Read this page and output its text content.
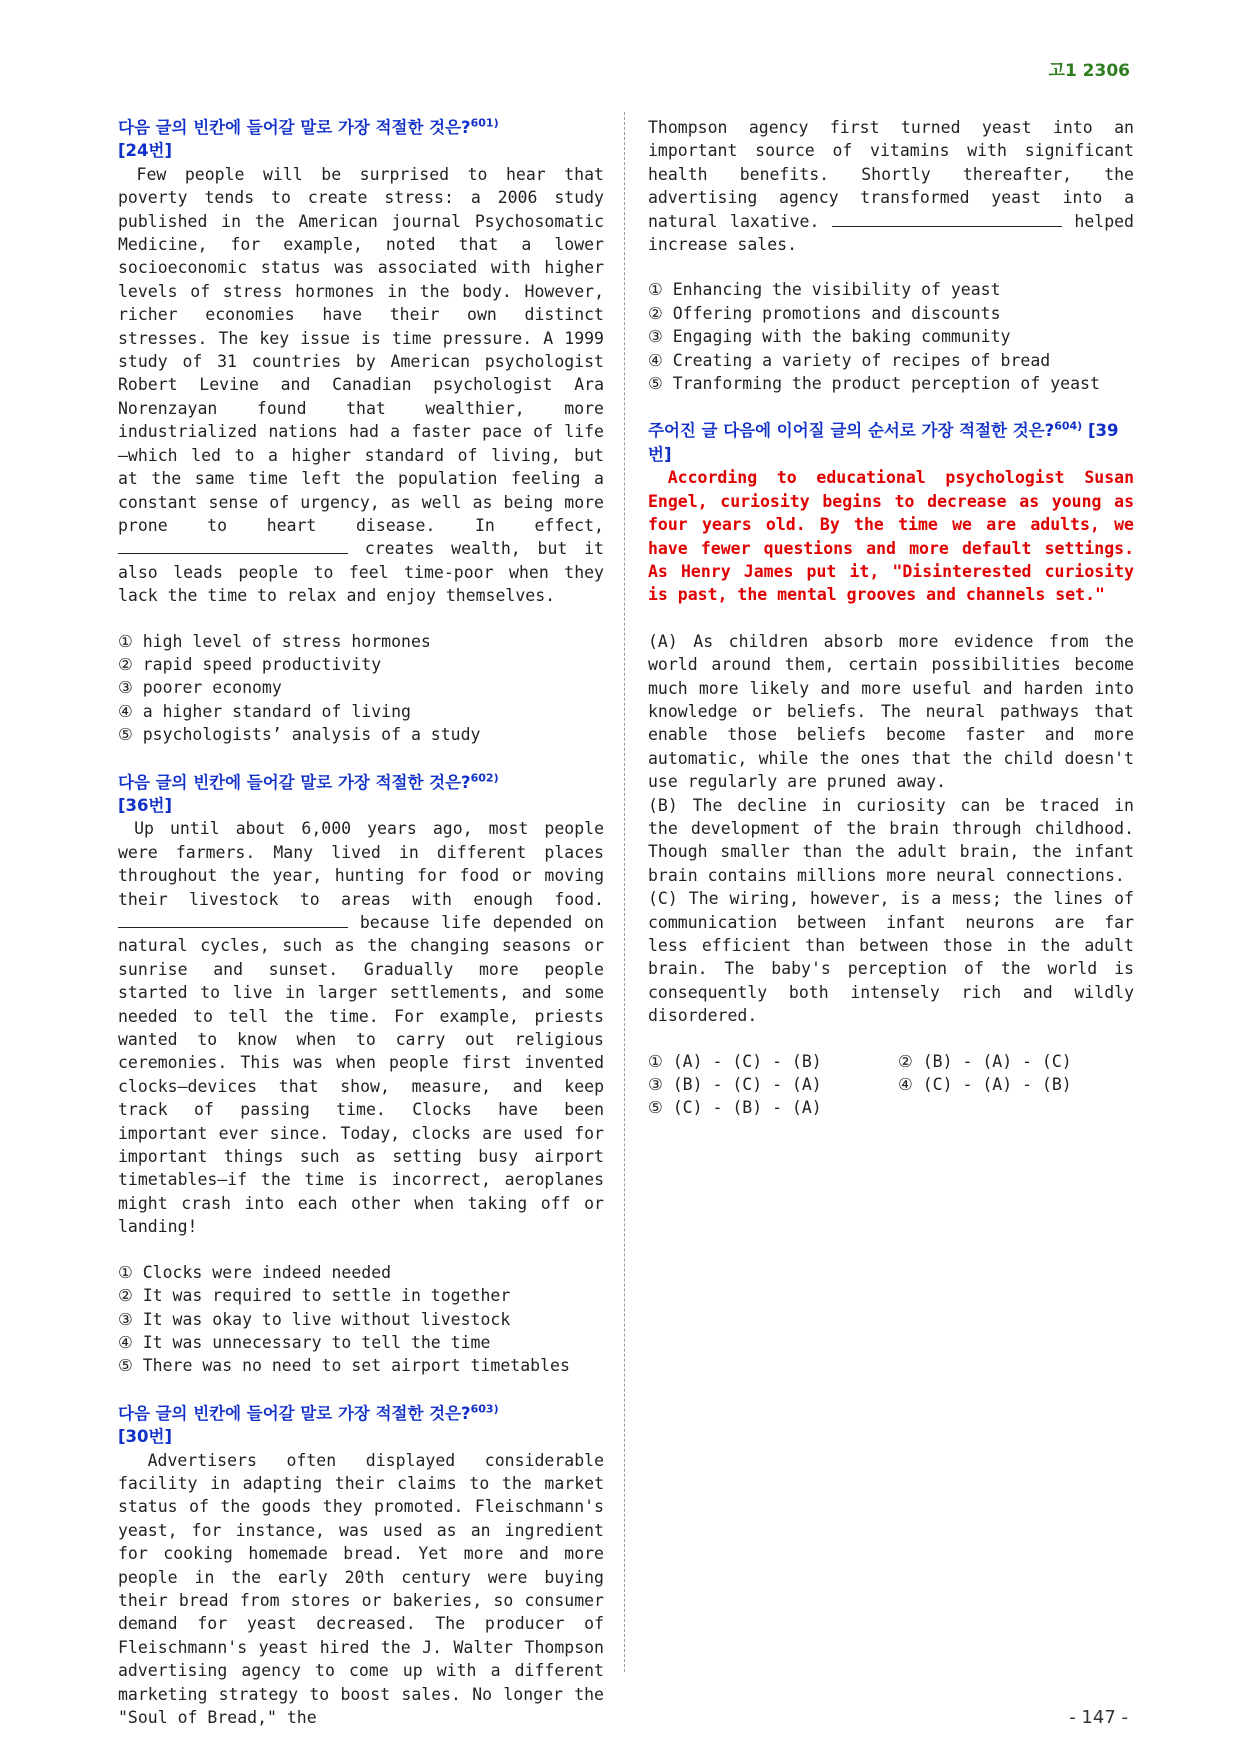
고1 2306

다음 글의 빈칸에 들어갈 말로 가장 적절한 것은?$^{601)}$
[24번]

Few people will be surprised to hear that poverty tends to create stress: a 2006 study published in the American journal Psychosomatic Medicine, for example, noted that a lower socioeconomic status was associated with higher levels of stress hormones in the body. However, richer economies have their own distinct stresses. The key issue is time pressure. A 1999 study of 31 countries by American psychologist Robert Levine and Canadian psychologist Ara Norenzayan found that wealthier, more industrialized nations had a faster pace of life—which led to a higher standard of living, but at the same time left the population feeling a constant sense of urgency, as well as being more prone to heart disease. In effect,  creates wealth, but it also leads people to feel time-poor when they lack the time to relax and enjoy themselves.

① high level of stress hormones
② rapid speed productivity
③ poorer economy
④ a higher standard of living
⑤ psychologists’ analysis of a study

다음 글의 빈칸에 들어갈 말로 가장 적절한 것은?$^{602)}$
[36번]

Up until about 6,000 years ago, most people were farmers. Many lived in different places throughout the year, hunting for food or moving their livestock to areas with enough food.  because life depended on natural cycles, such as the changing seasons or sunrise and sunset. Gradually more people started to live in larger settlements, and some needed to tell the time. For example, priests wanted to know when to carry out religious ceremonies. This was when people first invented clocks—devices that show, measure, and keep track of passing time. Clocks have been important ever since. Today, clocks are used for important things such as setting busy airport timetables—if the time is incorrect, aeroplanes might crash into each other when taking off or landing!

① Clocks were indeed needed
② It was required to settle in together
③ It was okay to live without livestock
④ It was unnecessary to tell the time
⑤ There was no need to set airport timetables

다음 글의 빈칸에 들어갈 말로 가장 적절한 것은?$^{603)}$
[30번]

Advertisers often displayed considerable facility in adapting their claims to the market status of the goods they promoted. Fleischmann's yeast, for instance, was used as an ingredient for cooking homemade bread. Yet more and more people in the early 20th century were buying their bread from stores or bakeries, so consumer demand for yeast decreased. The producer of Fleischmann's yeast hired the J. Walter Thompson advertising agency to come up with a different marketing strategy to boost sales. No longer the "Soul of Bread," the

Thompson agency first turned yeast into an important source of vitamins with significant health benefits. Shortly thereafter, the advertising agency transformed yeast into a natural laxative.	helped increase sales.

① Enhancing the visibility of yeast
② Offering promotions and discounts
③ Engaging with the baking community
④ Creating a variety of recipes of bread
⑤ Tranforming the product perception of yeast

주어진 글 다음에 이어질 글의 순서로 가장 적절한 것은?$^{604)}$ [39번]

According to educational psychologist Susan Engel, curiosity begins to decrease as young as four years old. By the time we are adults, we have fewer questions and more default settings. As Henry James put it, "Disinterested curiosity is past, the mental grooves and channels set."

(A) As children absorb more evidence from the world around them, certain possibilities become much more likely and more useful and harden into knowledge or beliefs. The neural pathways that enable those beliefs become faster and more automatic, while the ones that the child doesn't use regularly are pruned away.

(B) The decline in curiosity can be traced in the development of the brain through childhood. Though smaller than the adult brain, the infant brain contains millions more neural connections.

(C) The wiring, however, is a mess; the lines of communication between infant neurons are far less efficient than between those in the adult brain. The baby's perception of the world is consequently both intensely rich and wildly disordered.

① (A) - (C) - (B)	② (B) - (A) - (C)
③ (B) - (C) - (A)	④ (C) - (A) - (B)
⑤ (C) - (B) - (A)
- 147 -
